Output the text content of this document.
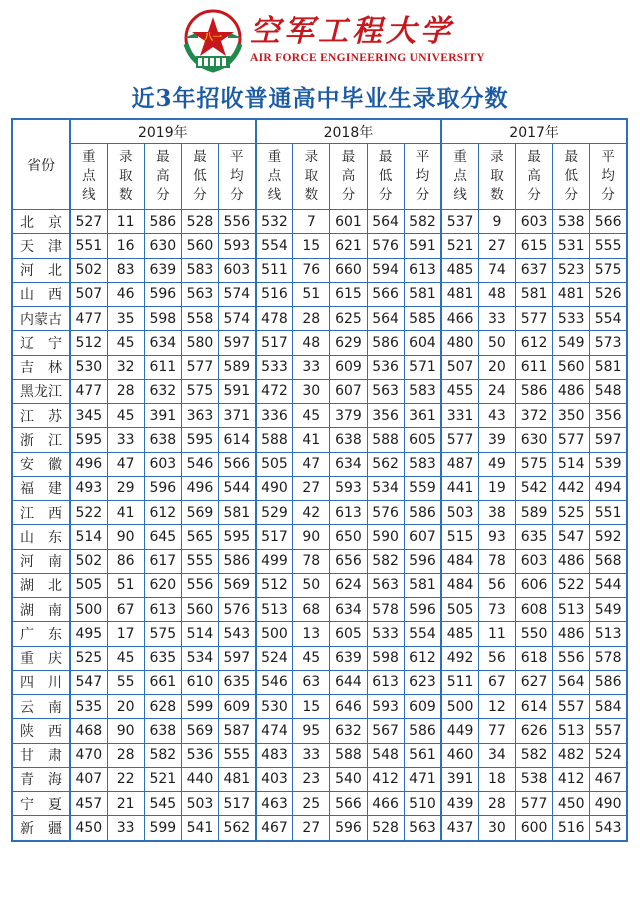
八一 空军工程大学
AIR FORCE ENGINEERING UNIVERSITY
近3年招收普通高中毕业生录取分数
省份	2019年					2018年					2017年				

	重点线	录取数	最高分	最低分	平均分	重点线	录取数	最高分	最低分	平均分	重点线	录取数	最高分	最低分	平均分

北　京	527	11	586	528	556	532	7	601	564	582	537	9	603	538	566
天　津	551	16	630	560	593	554	15	621	576	591	521	27	615	531	555
河　北	502	83	639	583	603	511	76	660	594	613	485	74	637	523	575
山　西	507	46	596	563	574	516	51	615	566	581	481	48	581	481	526
内蒙古	477	35	598	558	574	478	28	625	564	585	466	33	577	533	554
辽　宁	512	45	634	580	597	517	48	629	586	604	480	50	612	549	573
吉　林	530	32	611	577	589	533	33	609	536	571	507	20	611	560	581
黑龙江	477	28	632	575	591	472	30	607	563	583	455	24	586	486	548
江　苏	345	45	391	363	371	336	45	379	356	361	331	43	372	350	356
浙　江	595	33	638	595	614	588	41	638	588	605	577	39	630	577	597
安　徽	496	47	603	546	566	505	47	634	562	583	487	49	575	514	539
福　建	493	29	596	496	544	490	27	593	534	559	441	19	542	442	494
江　西	522	41	612	569	581	529	42	613	576	586	503	38	589	525	551
山　东	514	90	645	565	595	517	90	650	590	607	515	93	635	547	592
河　南	502	86	617	555	586	499	78	656	582	596	484	78	603	486	568
湖　北	505	51	620	556	569	512	50	624	563	581	484	56	606	522	544
湖　南	500	67	613	560	576	513	68	634	578	596	505	73	608	513	549
广　东	495	17	575	514	543	500	13	605	533	554	485	11	550	486	513
重　庆	525	45	635	534	597	524	45	639	598	612	492	56	618	556	578
四　川	547	55	661	610	635	546	63	644	613	623	511	67	627	564	586
云　南	535	20	628	599	609	530	15	646	593	609	500	12	614	557	584
陕　西	468	90	638	569	587	474	95	632	567	586	449	77	626	513	557
甘　肃	470	28	582	536	555	483	33	588	548	561	460	34	582	482	524
青　海	407	22	521	440	481	403	23	540	412	471	391	18	538	412	467
宁　夏	457	21	545	503	517	463	25	566	466	510	439	28	577	450	490
新　疆	450	33	599	541	562	467	27	596	528	563	437	30	600	516	543
